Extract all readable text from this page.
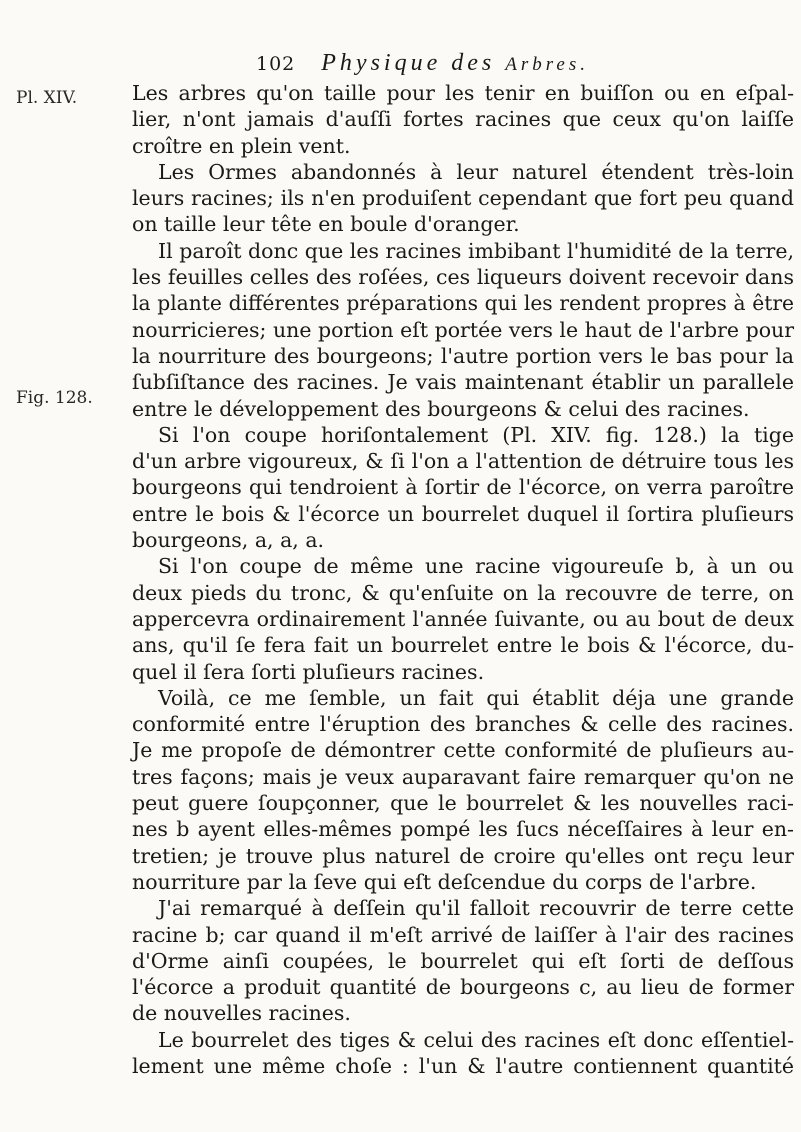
102 Physique des Arbres.
Pl. XIV.
Fig. 128.
Les arbres qu'on taille pour les tenir en buiſſon ou en eſpal-
lier, n'ont jamais d'auſſi fortes racines que ceux qu'on laiſſe
croître en plein vent.
Les Ormes abandonnés à leur naturel étendent très-loin
leurs racines; ils n'en produiſent cependant que fort peu quand
on taille leur tête en boule d'oranger.
Il paroît donc que les racines imbibant l'humidité de la terre,
les feuilles celles des roſées, ces liqueurs doivent recevoir dans
la plante différentes préparations qui les rendent propres à être
nourricieres; une portion eſt portée vers le haut de l'arbre pour
la nourriture des bourgeons; l'autre portion vers le bas pour la
ſubſiſtance des racines. Je vais maintenant établir un parallele
entre le développement des bourgeons & celui des racines.
Si l'on coupe horiſontalement (Pl. XIV. fig. 128.) la tige
d'un arbre vigoureux, & ſi l'on a l'attention de détruire tous les
bourgeons qui tendroient à ſortir de l'écorce, on verra paroître
entre le bois & l'écorce un bourrelet duquel il ſortira pluſieurs
bourgeons, a, a, a.
Si l'on coupe de même une racine vigoureuſe b, à un ou
deux pieds du tronc, & qu'enſuite on la recouvre de terre, on
appercevra ordinairement l'année ſuivante, ou au bout de deux
ans, qu'il ſe fera fait un bourrelet entre le bois & l'écorce, du-
quel il ſera ſorti pluſieurs racines.
Voilà, ce me ſemble, un fait qui établit déja une grande
conformité entre l'éruption des branches & celle des racines.
Je me propoſe de démontrer cette conformité de pluſieurs au-
tres façons; mais je veux auparavant faire remarquer qu'on ne
peut guere ſoupçonner, que le bourrelet & les nouvelles raci-
nes b ayent elles-mêmes pompé les ſucs néceſſaires à leur en-
tretien; je trouve plus naturel de croire qu'elles ont reçu leur
nourriture par la ſeve qui eſt deſcendue du corps de l'arbre.
J'ai remarqué à deſſein qu'il falloit recouvrir de terre cette
racine b; car quand il m'eſt arrivé de laiſſer à l'air des racines
d'Orme ainſi coupées, le bourrelet qui eſt ſorti de deſſous
l'écorce a produit quantité de bourgeons c, au lieu de former
de nouvelles racines.
Le bourrelet des tiges & celui des racines eſt donc eſſentiel-
lement une même choſe : l'un & l'autre contiennent quantité
